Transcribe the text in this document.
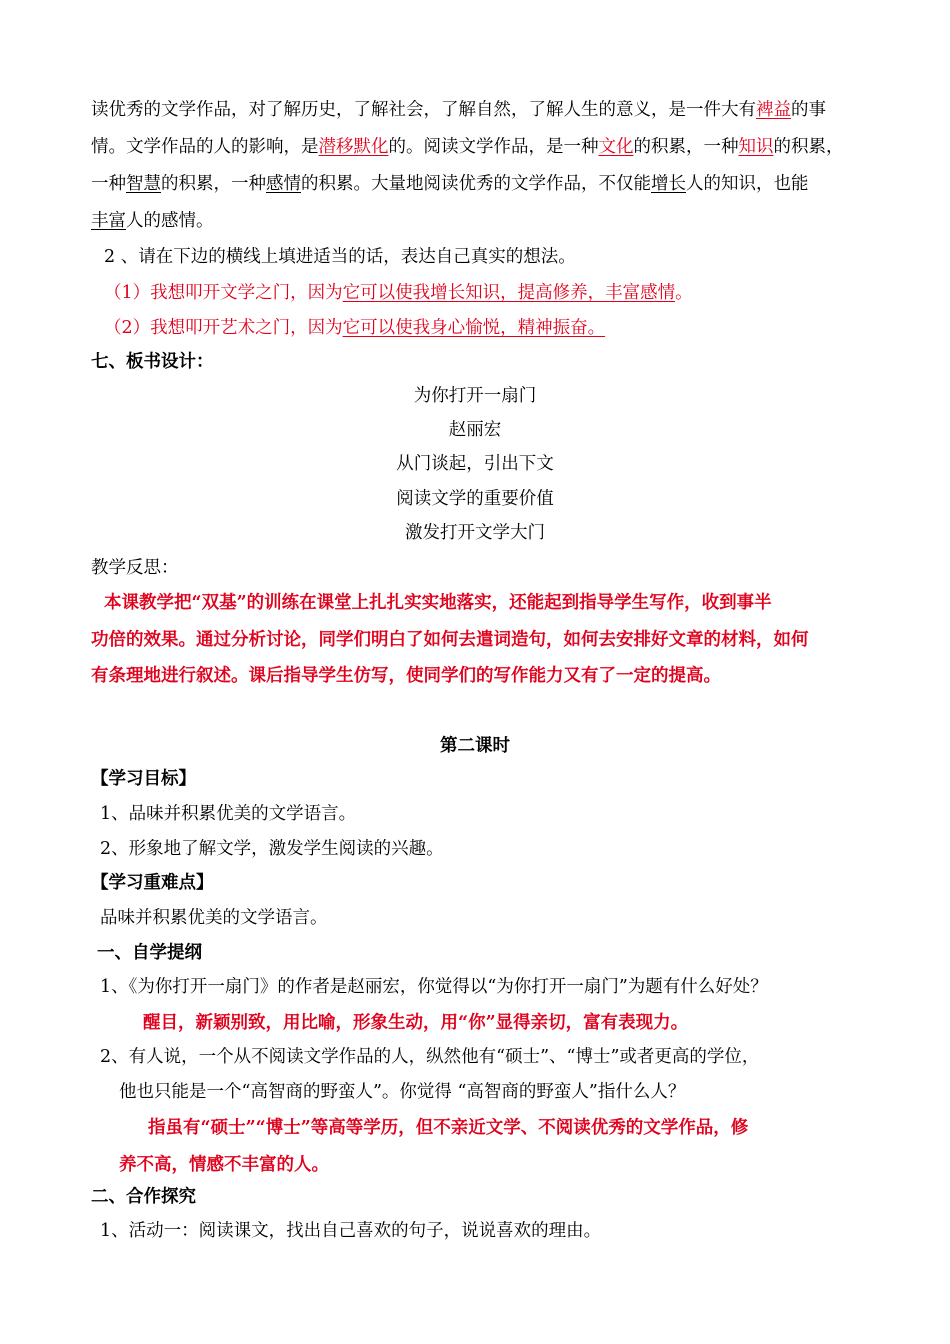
读优秀的文学作品，对了解历史，了解社会，了解自然，了解人生的意义，是一件大有裨益的事
情。文学作品的人的影响，是潜移默化的。阅读文学作品，是一种文化的积累，一种知识的积累，
一种智慧的积累，一种感情的积累。大量地阅读优秀的文学作品，不仅能增长人的知识，也能
丰富人的感情。
2 、请在下边的横线上填进适当的话，表达自己真实的想法。
（1）我想叩开文学之门，因为它可以使我增长知识，提高修养，丰富感情。
（2）我想叩开艺术之门，因为它可以使我身心愉悦，精神振奋。
七、板书设计：
为你打开一扇门
赵丽宏
从门谈起，引出下文
阅读文学的重要价值
激发打开文学大门
教学反思：
本课教学把“双基”的训练在课堂上扎扎实实地落实，还能起到指导学生写作，收到事半
功倍的效果。通过分析讨论，同学们明白了如何去遣词造句，如何去安排好文章的材料，如何
有条理地进行叙述。课后指导学生仿写，使同学们的写作能力又有了一定的提高。
第二课时
【学习目标】
1、品味并积累优美的文学语言。
2、形象地了解文学，激发学生阅读的兴趣。
【学习重难点】
品味并积累优美的文学语言。
一、自学提纲
1、《为你打开一扇门》的作者是赵丽宏，你觉得以“为你打开一扇门”为题有什么好处？
醒目，新颖别致，用比喻，形象生动，用“你”显得亲切，富有表现力。
2、有人说，一个从不阅读文学作品的人，纵然他有“硕士”、“博士”或者更高的学位，
他也只能是一个“高智商的野蛮人”。你觉得 “高智商的野蛮人”指什么人？
指虽有“硕士”“博士”等高等学历，但不亲近文学、不阅读优秀的文学作品，修
养不高，情感不丰富的人。
二、合作探究
1、活动一：阅读课文，找出自己喜欢的句子，说说喜欢的理由。
